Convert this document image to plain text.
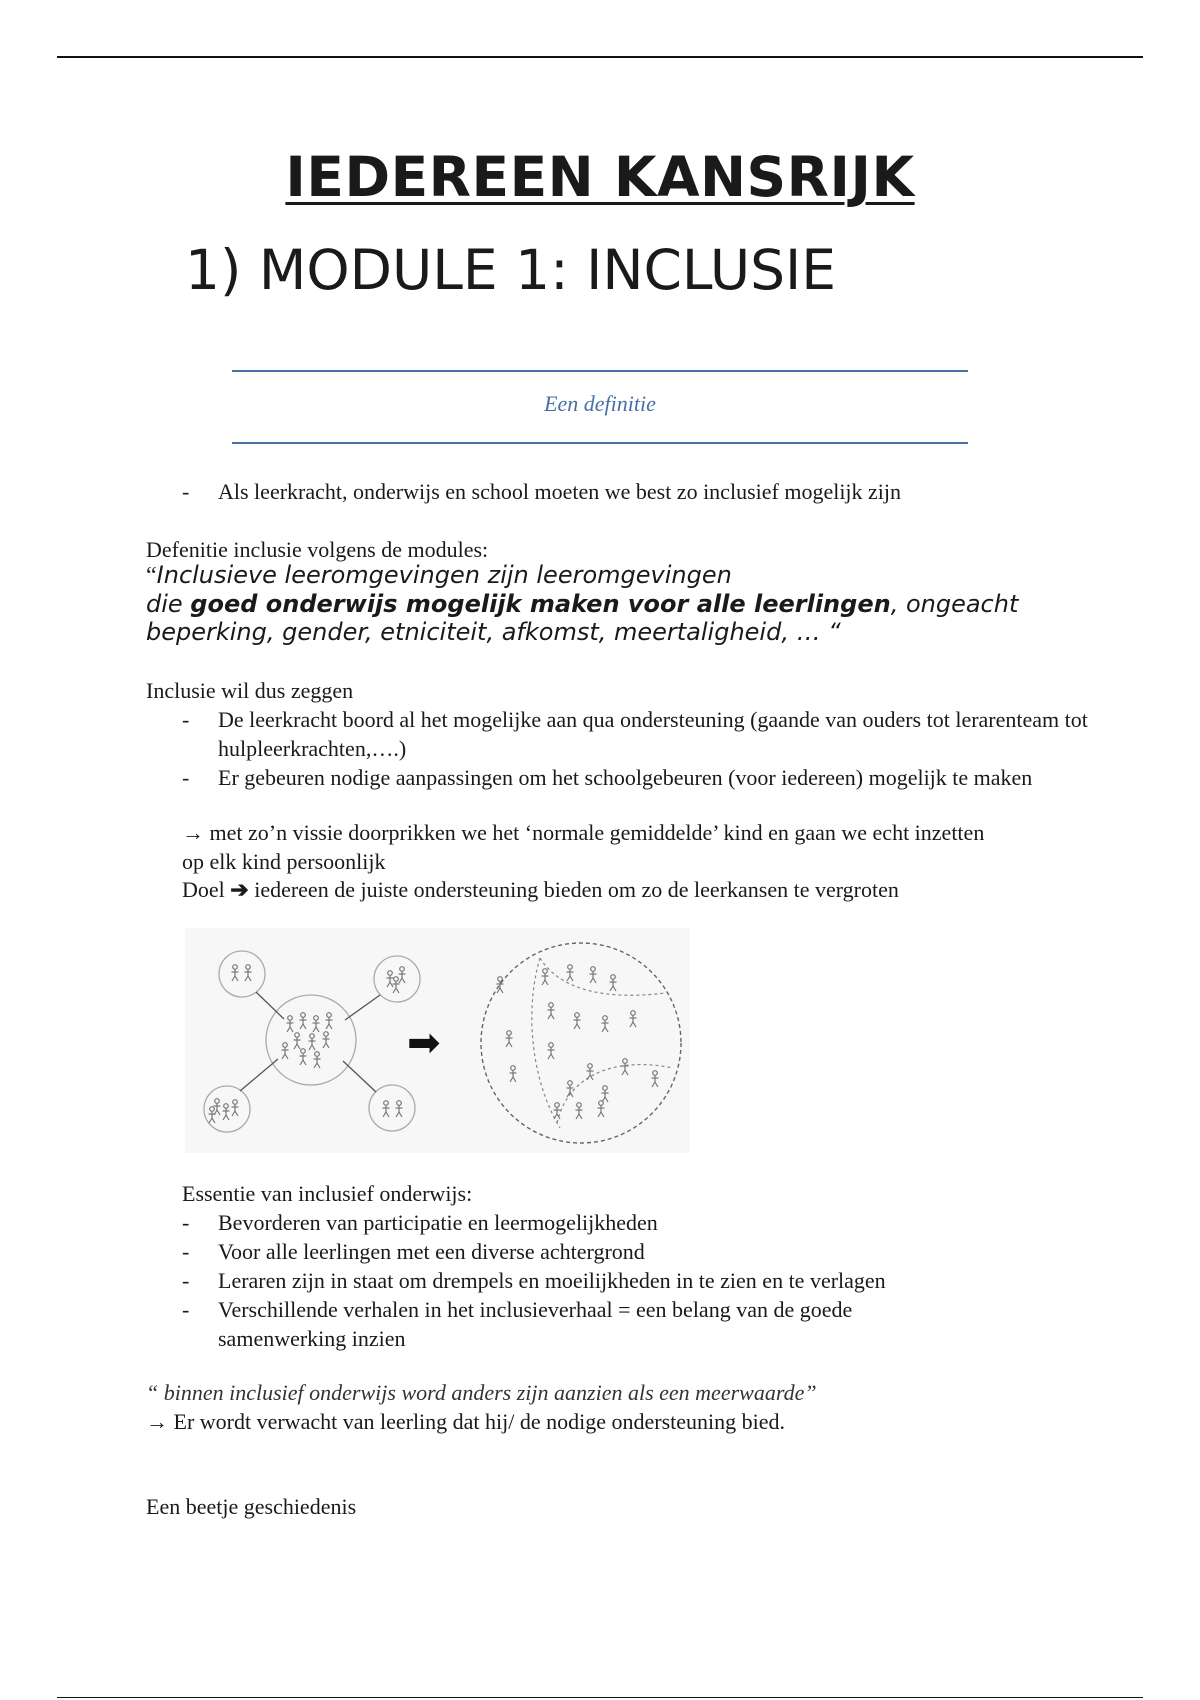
IEDEREEN KANSRIJK
1) MODULE 1: INCLUSIE
Een definitie
- Als leerkracht, onderwijs en school moeten we best zo inclusief mogelijk zijn
Defenitie inclusie volgens de modules:
“Inclusieve leeromgevingen zijn leeromgevingen
die goed onderwijs mogelijk maken voor alle leerlingen, ongeacht
beperking, gender, etniciteit, afkomst, meertaligheid, … “
Inclusie wil dus zeggen
- De leerkracht boord al het mogelijke aan qua ondersteuning (gaande van ouders tot lerarenteam tot hulpleerkrachten,….)
- Er gebeuren nodige aanpassingen om het schoolgebeuren (voor iedereen) mogelijk te maken
→ met zo’n vissie doorprikken we het ‘normale gemiddelde’ kind en gaan we echt inzetten op elk kind persoonlijk
Doel ➔ iedereen de juiste ondersteuning bieden om zo de leerkansen te vergroten
➡
Essentie van inclusief onderwijs:
- Bevorderen van participatie en leermogelijkheden
- Voor alle leerlingen met een diverse achtergrond
- Leraren zijn in staat om drempels en moeilijkheden in te zien en te verlagen
- Verschillende verhalen in het inclusieverhaal = een belang van de goede samenwerking inzien
“ binnen inclusief onderwijs word anders zijn aanzien als een meerwaarde”
→ Er wordt verwacht van leerling dat hij/ de nodige ondersteuning bied.
Een beetje geschiedenis
